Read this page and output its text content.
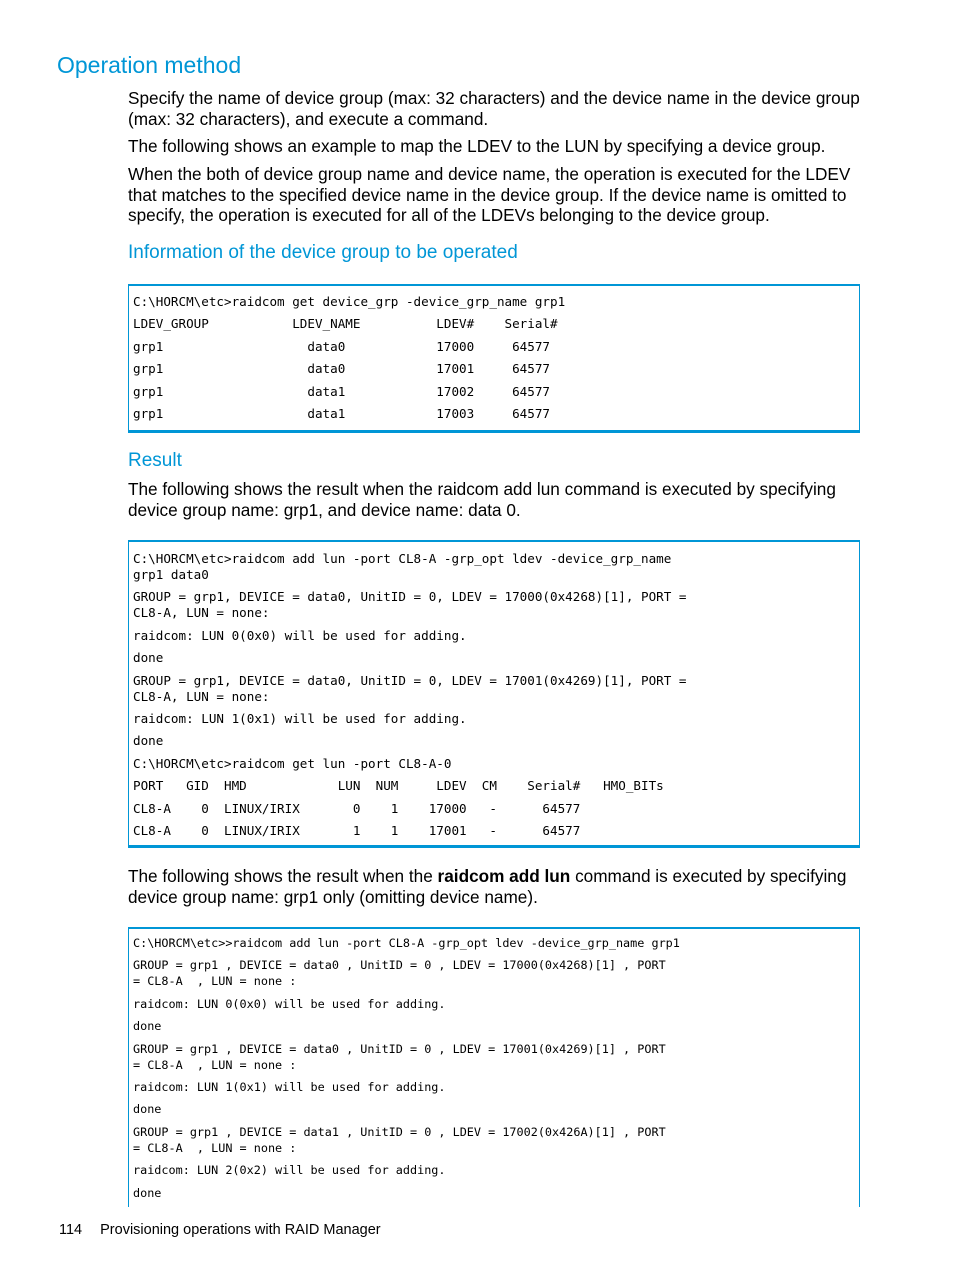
Operation method

Specify the name of device group (max: 32 characters) and the device name in the device group (max: 32 characters), and execute a command.

The following shows an example to map the LDEV to the LUN by specifying a device group.

When the both of device group name and device name, the operation is executed for the LDEV that matches to the specified device name in the device group. If the device name is omitted to specify, the operation is executed for all of the LDEVs belonging to the device group.

Information of the device group to be operated
C:\HORCM\etc>raidcom get device_grp -device_grp_name grp1
LDEV_GROUP           LDEV_NAME          LDEV#    Serial#
grp1                   data0            17000     64577
grp1                   data0            17001     64577
grp1                   data1            17002     64577
grp1                   data1            17003     64577
Result

The following shows the result when the raidcom add lun command is executed by specifying device group name: grp1, and device name: data 0.

C:\HORCM\etc>raidcom add lun -port CL8-A -grp_opt ldev -device_grp_name
grp1 data0
GROUP = grp1, DEVICE = data0, UnitID = 0, LDEV = 17000(0x4268)[1], PORT =
CL8-A, LUN = none:
raidcom: LUN 0(0x0) will be used for adding.
done
GROUP = grp1, DEVICE = data0, UnitID = 0, LDEV = 17001(0x4269)[1], PORT =
CL8-A, LUN = none:
raidcom: LUN 1(0x1) will be used for adding.
done
C:\HORCM\etc>raidcom get lun -port CL8-A-0
PORT   GID  HMD            LUN  NUM     LDEV  CM    Serial#   HMO_BITs
CL8-A    0  LINUX/IRIX       0    1    17000   -      64577
CL8-A    0  LINUX/IRIX       1    1    17001   -      64577

The following shows the result when the raidcom add lun command is executed by specifying device group name: grp1 only (omitting device name).

C:\HORCM\etc>>raidcom add lun -port CL8-A -grp_opt ldev -device_grp_name grp1
GROUP = grp1 , DEVICE = data0 , UnitID = 0 , LDEV = 17000(0x4268)[1] , PORT
= CL8-A  , LUN = none :
raidcom: LUN 0(0x0) will be used for adding.
done
GROUP = grp1 , DEVICE = data0 , UnitID = 0 , LDEV = 17001(0x4269)[1] , PORT
= CL8-A  , LUN = none :
raidcom: LUN 1(0x1) will be used for adding.
done
GROUP = grp1 , DEVICE = data1 , UnitID = 0 , LDEV = 17002(0x426A)[1] , PORT
= CL8-A  , LUN = none :
raidcom: LUN 2(0x2) will be used for adding.
done
114 Provisioning operations with RAID Manager
